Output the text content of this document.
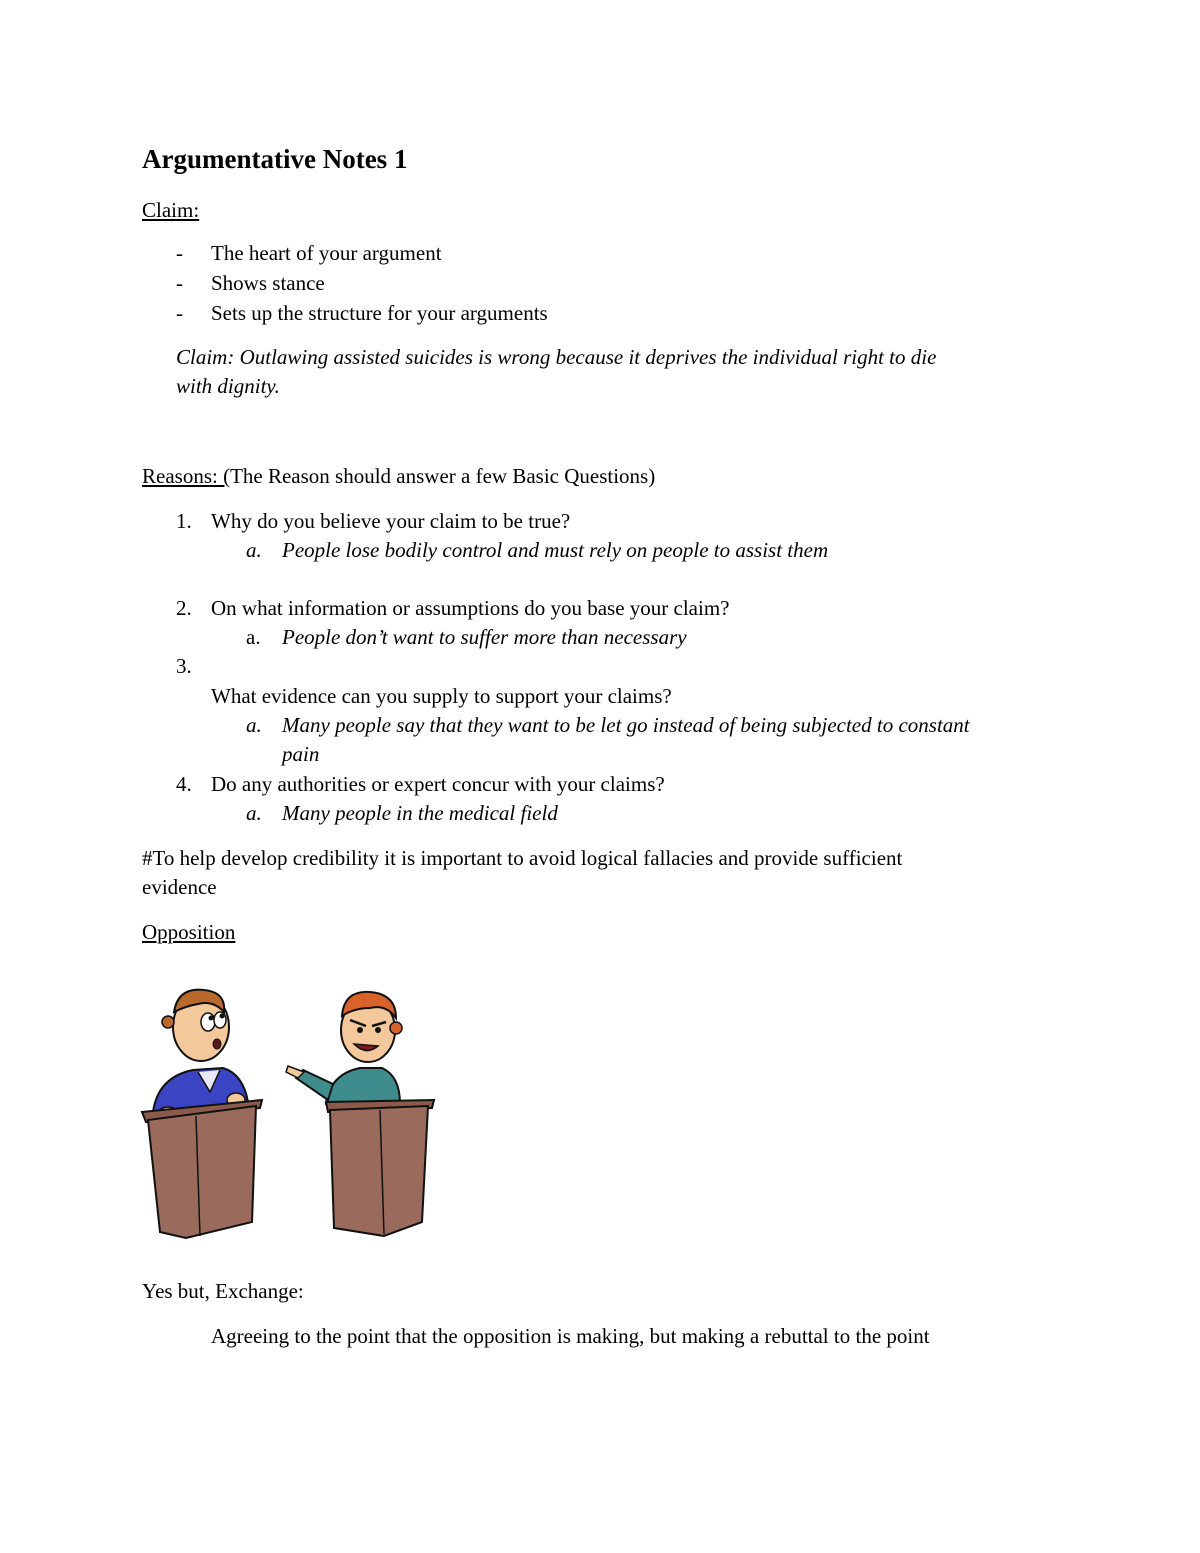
Argumentative Notes 1
Claim:
- The heart of your argument
- Shows stance
- Sets up the structure for your arguments
Claim: Outlawing assisted suicides is wrong because it deprives the individual right to die
with dignity.
Reasons: (The Reason should answer a few Basic Questions)
1. Why do you believe your claim to be true?
a. People lose bodily control and must rely on people to assist them
2. On what information or assumptions do you base your claim?
a. People don’t want to suffer more than necessary
3.
What evidence can you supply to support your claims?
a. Many people say that they want to be let go instead of being subjected to constant
pain
4. Do any authorities or expert concur with your claims?
a. Many people in the medical field
#To help develop credibility it is important to avoid logical fallacies and provide sufficient
evidence
Opposition
Yes but, Exchange:
Agreeing to the point that the opposition is making, but making a rebuttal to the point
